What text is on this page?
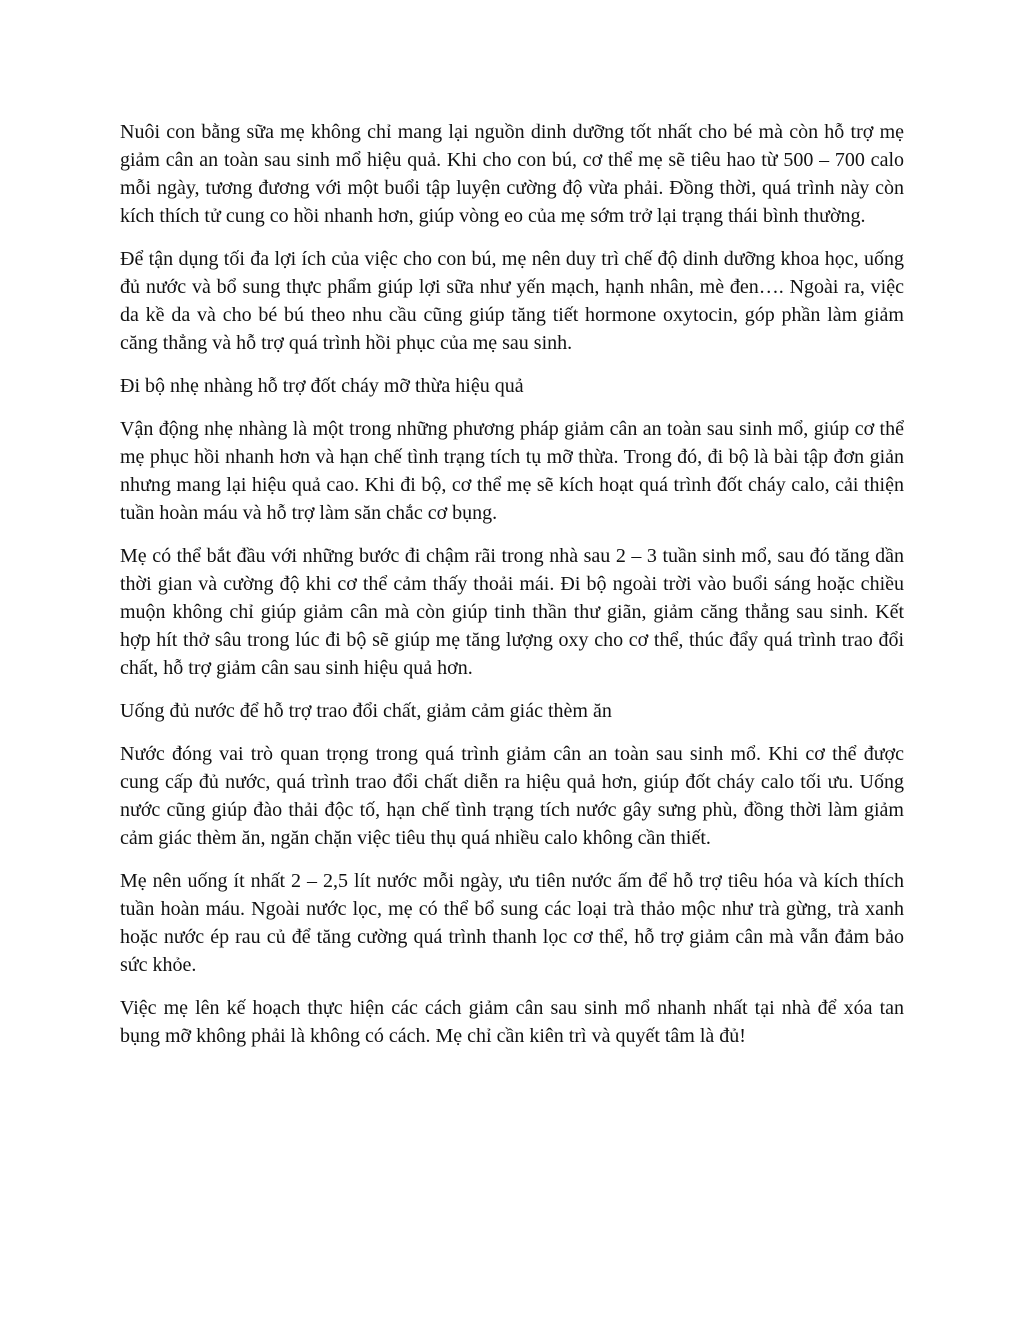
Nuôi con bằng sữa mẹ không chỉ mang lại nguồn dinh dưỡng tốt nhất cho bé mà còn hỗ trợ mẹ giảm cân an toàn sau sinh mổ hiệu quả. Khi cho con bú, cơ thể mẹ sẽ tiêu hao từ 500 – 700 calo mỗi ngày, tương đương với một buổi tập luyện cường độ vừa phải. Đồng thời, quá trình này còn kích thích tử cung co hồi nhanh hơn, giúp vòng eo của mẹ sớm trở lại trạng thái bình thường.

Để tận dụng tối đa lợi ích của việc cho con bú, mẹ nên duy trì chế độ dinh dưỡng khoa học, uống đủ nước và bổ sung thực phẩm giúp lợi sữa như yến mạch, hạnh nhân, mè đen…. Ngoài ra, việc da kề da và cho bé bú theo nhu cầu cũng giúp tăng tiết hormone oxytocin, góp phần làm giảm căng thẳng và hỗ trợ quá trình hồi phục của mẹ sau sinh.

Đi bộ nhẹ nhàng hỗ trợ đốt cháy mỡ thừa hiệu quả

Vận động nhẹ nhàng là một trong những phương pháp giảm cân an toàn sau sinh mổ, giúp cơ thể mẹ phục hồi nhanh hơn và hạn chế tình trạng tích tụ mỡ thừa. Trong đó, đi bộ là bài tập đơn giản nhưng mang lại hiệu quả cao. Khi đi bộ, cơ thể mẹ sẽ kích hoạt quá trình đốt cháy calo, cải thiện tuần hoàn máu và hỗ trợ làm săn chắc cơ bụng.

Mẹ có thể bắt đầu với những bước đi chậm rãi trong nhà sau 2 – 3 tuần sinh mổ, sau đó tăng dần thời gian và cường độ khi cơ thể cảm thấy thoải mái. Đi bộ ngoài trời vào buổi sáng hoặc chiều muộn không chỉ giúp giảm cân mà còn giúp tinh thần thư giãn, giảm căng thẳng sau sinh. Kết hợp hít thở sâu trong lúc đi bộ sẽ giúp mẹ tăng lượng oxy cho cơ thể, thúc đẩy quá trình trao đổi chất, hỗ trợ giảm cân sau sinh hiệu quả hơn.

Uống đủ nước để hỗ trợ trao đổi chất, giảm cảm giác thèm ăn

Nước đóng vai trò quan trọng trong quá trình giảm cân an toàn sau sinh mổ. Khi cơ thể được cung cấp đủ nước, quá trình trao đổi chất diễn ra hiệu quả hơn, giúp đốt cháy calo tối ưu. Uống nước cũng giúp đào thải độc tố, hạn chế tình trạng tích nước gây sưng phù, đồng thời làm giảm cảm giác thèm ăn, ngăn chặn việc tiêu thụ quá nhiều calo không cần thiết.

Mẹ nên uống ít nhất 2 – 2,5 lít nước mỗi ngày, ưu tiên nước ấm để hỗ trợ tiêu hóa và kích thích tuần hoàn máu. Ngoài nước lọc, mẹ có thể bổ sung các loại trà thảo mộc như trà gừng, trà xanh hoặc nước ép rau củ để tăng cường quá trình thanh lọc cơ thể, hỗ trợ giảm cân mà vẫn đảm bảo sức khỏe.

Việc mẹ lên kế hoạch thực hiện các cách giảm cân sau sinh mổ nhanh nhất tại nhà để xóa tan bụng mỡ không phải là không có cách. Mẹ chỉ cần kiên trì và quyết tâm là đủ!
